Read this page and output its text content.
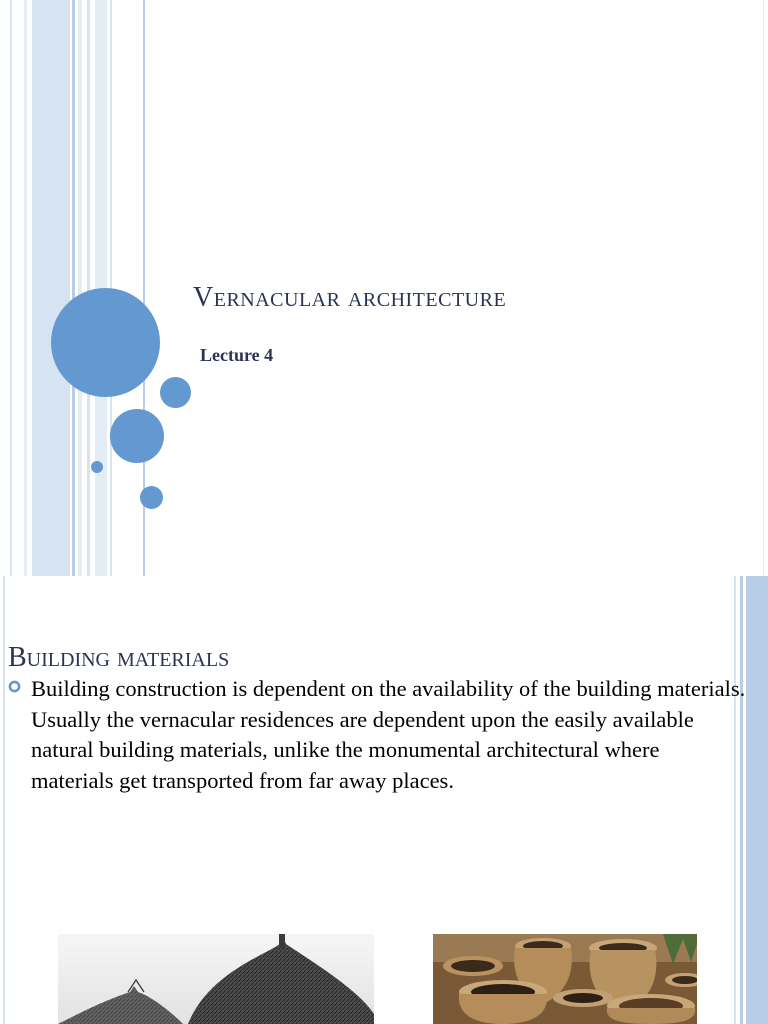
Vernacular architecture
Lecture 4
Building materials
Building construction is dependent on the availability of the building materials. Usually the vernacular residences are dependent upon the easily available natural building materials, unlike the monumental architectural where materials get transported from far away places.
